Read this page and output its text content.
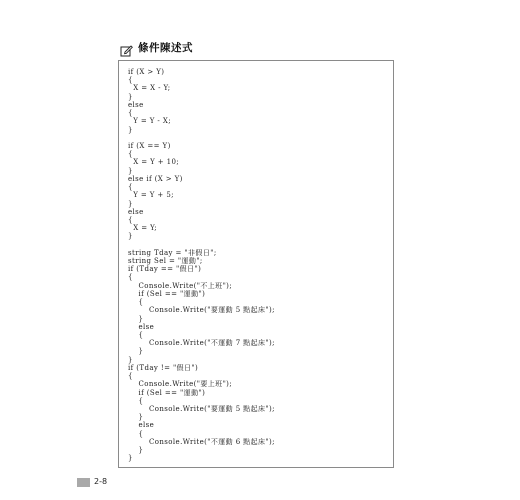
條件陳述式
if (X > Y)
{
X = X - Y;
}
else
{
Y = Y - X;
}
if (X == Y)
{
X = Y + 10;
}
else if (X > Y)
{
Y = Y + 5;
}
else
{
X = Y;
}
string Tday = "非假日";
string Sel = "運動";
if (Tday == "假日")
{
Console.Write("不上班");
if (Sel == "運動")
{
Console.Write("要運動 5 點起床");
}
else
{
Console.Write("不運動 7 點起床");
}
}
if (Tday != "假日")
{
Console.Write("要上班");
if (Sel == "運動")
{
Console.Write("要運動 5 點起床");
}
else
{
Console.Write("不運動 6 點起床");
}
}
2-8
